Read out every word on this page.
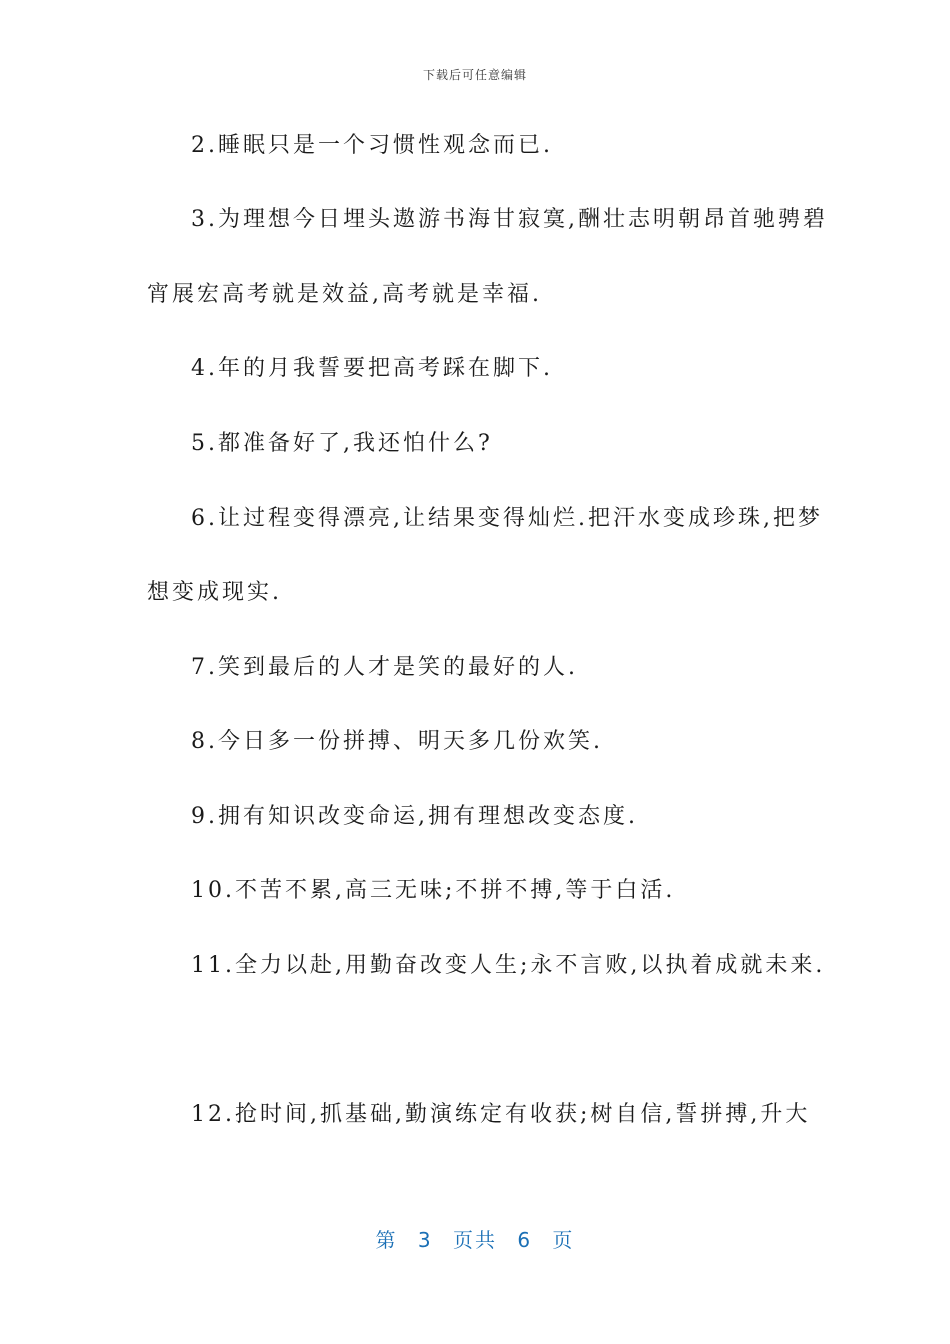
下载后可任意编辑
2.睡眠只是一个习惯性观念而已.
3.为理想今日埋头遨游书海甘寂寞,酬壮志明朝昂首驰骋碧
宵展宏高考就是效益,高考就是幸福.
4.年的月我誓要把高考踩在脚下.
5.都准备好了,我还怕什么?
6.让过程变得漂亮,让结果变得灿烂.把汗水变成珍珠,把梦
想变成现实.
7.笑到最后的人才是笑的最好的人.
8.今日多一份拼搏、明天多几份欢笑.
9.拥有知识改变命运,拥有理想改变态度.
10.不苦不累,高三无味;不拼不搏,等于白活.
11.全力以赴,用勤奋改变人生;永不言败,以执着成就未来.
12.抢时间,抓基础,勤演练定有收获;树自信,誓拼搏,升大
第 3 页共 6 页
